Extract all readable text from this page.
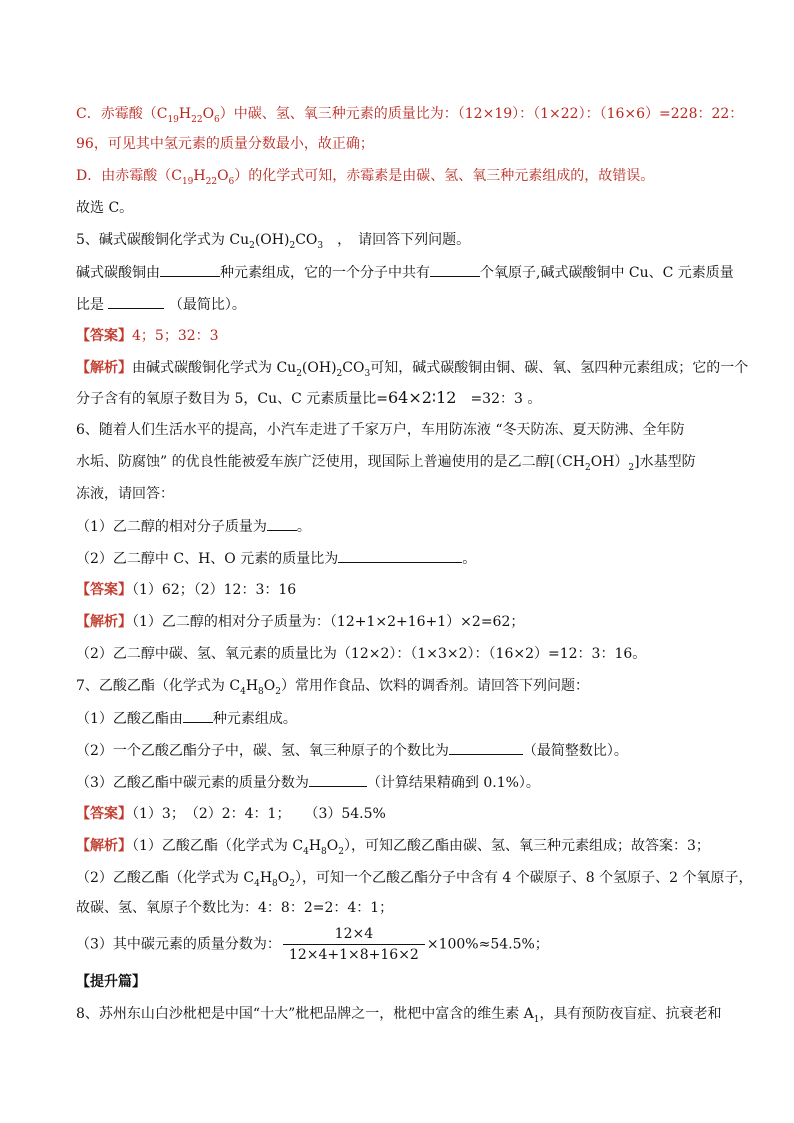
C．赤霉酸$(C_{19}H_{22}O_6)$中碳、氢、氧三种元素的质量比为：（12×19）：（1×22）：（16×6）=228：22：
96，可见其中氢元素的质量分数最小，故正确；
D．由赤霉酸$(C_{19}H_{22}O_6)$的化学式可知，赤霉素是由碳、氢、氧三种元素组成的，故错误。
故选 C。
5、碱式碳酸铜化学式为 $Cu_2(OH)_2CO_3$　，　请回答下列问题。
碱式碳酸铜由	种元素组成，它的一个分子中共有	个氧原子,碱式碳酸铜中 Cu、C 元素质量
比是	（最简比）。
【答案】4；5；32：3
【解析】由碱式碳酸铜化学式为 $Cu_2(OH)_2CO_3$可知，碱式碳酸铜由铜、碳、氧、氢四种元素组成；它的一个
分子含有的氧原子数目为 5，Cu、C 元素质量比=64×2∶12　 =32：3 。
6、随着人们生活水平的提高，小汽车走进了千家万户，车用防冻液 “冬天防冻、夏天防沸、全年防
水垢、防腐蚀” 的优良性能被爱车族广泛使用，现国际上普遍使用的是乙二醇$[(CH_2OH)_2]$水基型防
冻液，请回答：
（1）乙二醇的相对分子质量为 。
（2）乙二醇中 C、H、O 元素的质量比为	。
【答案】（1）62；（2）12：3：16
【解析】（1）乙二醇的相对分子质量为：（12+1×2+16+1）×2=62；
（2）乙二醇中碳、氢、氧元素的质量比为（12×2）：（1×3×2）：（16×2）=12：3：16。
7、乙酸乙酯（化学式为 $C_4H_8O_2$）常用作食品、饮料的调香剂。请回答下列问题：
（1）乙酸乙酯由 种元素组成。
（2）一个乙酸乙酯分子中，碳、氢、氧三种原子的个数比为	（最简整数比）。
（3）乙酸乙酯中碳元素的质量分数为	（计算结果精确到 0.1%）。
【答案】（1）3；　（2）2：4：1；　　（3）54.5%
【解析】（1）乙酸乙酯（化学式为 $C_4H_8O_2$），可知乙酸乙酯由碳、氢、氧三种元素组成；故答案：3；
（2）乙酸乙酯（化学式为 $C_4H_8O_2$），可知一个乙酸乙酯分子中含有 4 个碳原子、8 个氢原子、2 个氧原子，
故碳、氢、氧原子个数比为：4：8：2=2：4：1；
（3）其中碳元素的质量分数为： $\frac{12\times 4}{12\times 4+1\times 8+16\times 2} \times 100\%\approx 54.5\%$；
【提升篇】
8、苏州东山白沙枇杷是中国“十大”枇杷品牌之一，枇杷中富含的维生素 $A_1$，具有预防夜盲症、抗衰老和
